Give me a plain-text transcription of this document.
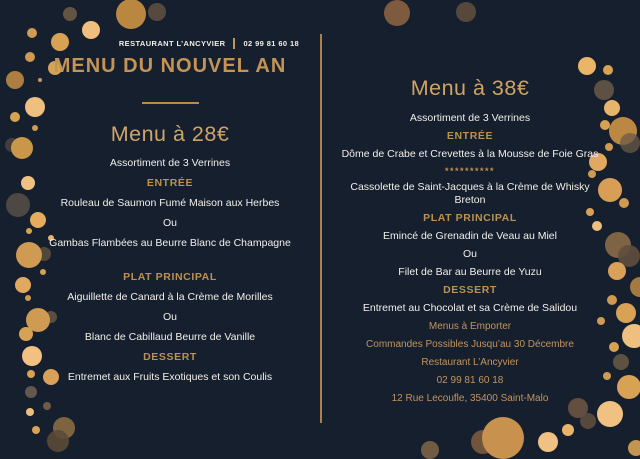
RESTAURANT L’ANCYVIER 02 99 81 60 18
MENU DU NOUVEL AN
Menu à 28€
Assortiment de 3 Verrines
ENTRÉE
Rouleau de Saumon Fumé Maison aux Herbes
Ou
Gambas Flambées au Beurre Blanc de Champagne
PLAT PRINCIPAL
Aiguillette de Canard à la Crème de Morilles
Ou
Blanc de Cabillaud Beurre de Vanille
DESSERT
Entremet aux Fruits Exotiques et son Coulis
Menu à 38€
Assortiment de 3 Verrines
ENTRÉE
Dôme de Crabe et Crevettes à la Mousse de Foie Gras
**********
Cassolette de Saint-Jacques à la Crème de Whisky Breton
PLAT PRINCIPAL
Emincé de Grenadin de Veau au Miel
Ou
Filet de Bar au Beurre de Yuzu
DESSERT
Entremet au Chocolat et sa Crème de Salidou
Menus à Emporter
Commandes Possibles Jusqu’au 30 Décembre
Restaurant L’Ancyvier
02 99 81 60 18
12 Rue Lecoufle, 35400 Saint-Malo
